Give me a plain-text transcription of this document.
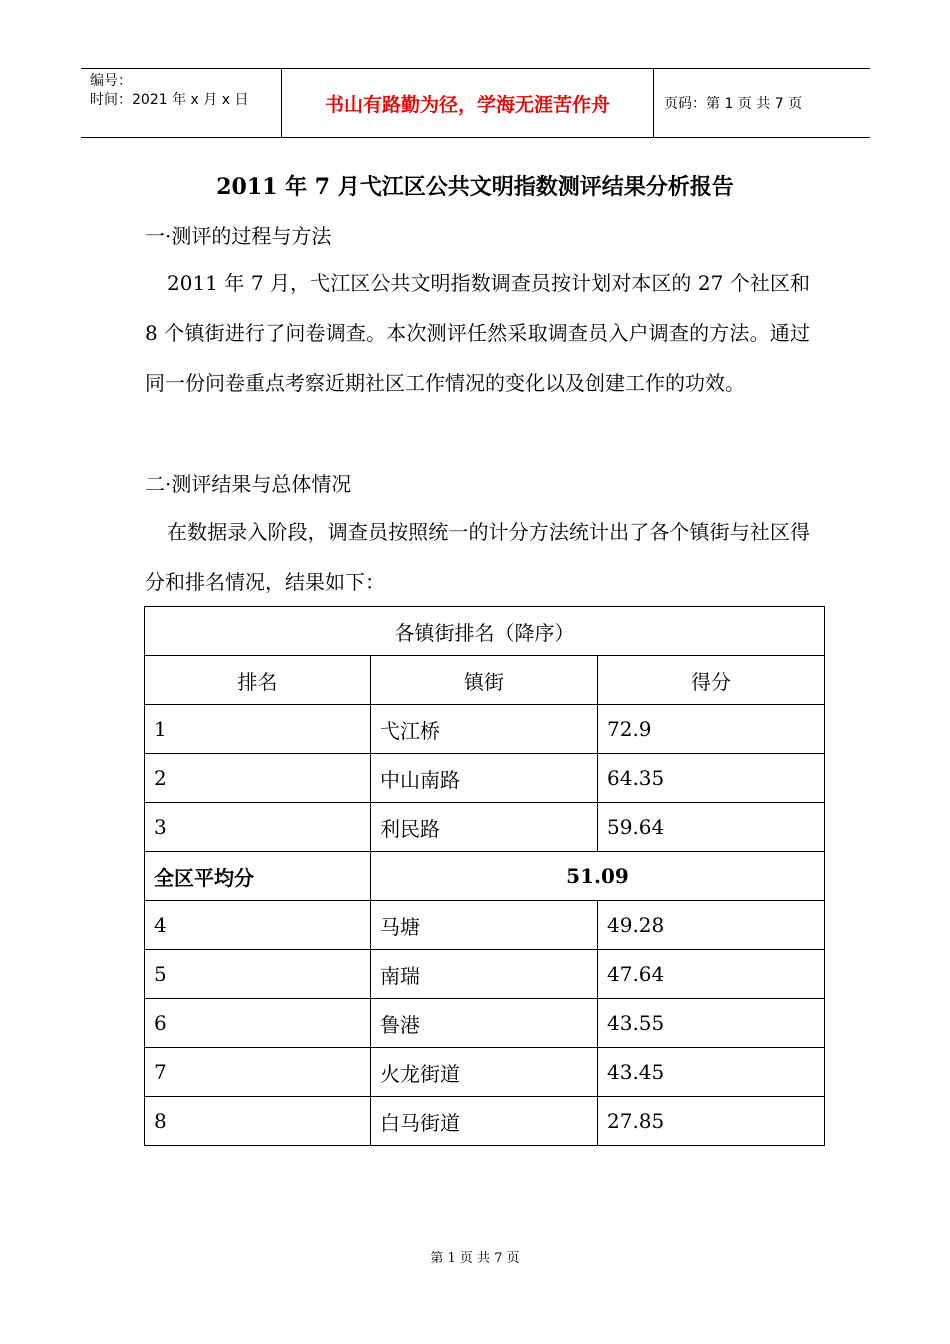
编号：
时间：2021 年 x 月 x 日	书山有路勤为径，学海无涯苦作舟	页码：第 1 页 共 7 页
2011 年 7 月弋江区公共文明指数测评结果分析报告
一·测评的过程与方法
2011 年 7 月，弋江区公共文明指数调查员按计划对本区的 27 个社区和 8 个镇街进行了问卷调查。本次测评任然采取调查员入户调查的方法。通过同一份问卷重点考察近期社区工作情况的变化以及创建工作的功效。
二·测评结果与总体情况
在数据录入阶段，调查员按照统一的计分方法统计出了各个镇街与社区得分和排名情况，结果如下：
各镇街排名（降序）		
排名	镇街	得分
1	弋江桥	72.9
2	中山南路	64.35
3	利民路	59.64
全区平均分	51.09	
4	马塘	49.28
5	南瑞	47.64
6	鲁港	43.55
7	火龙街道	43.45
8	白马街道	27.85
第 1 页 共 7 页
